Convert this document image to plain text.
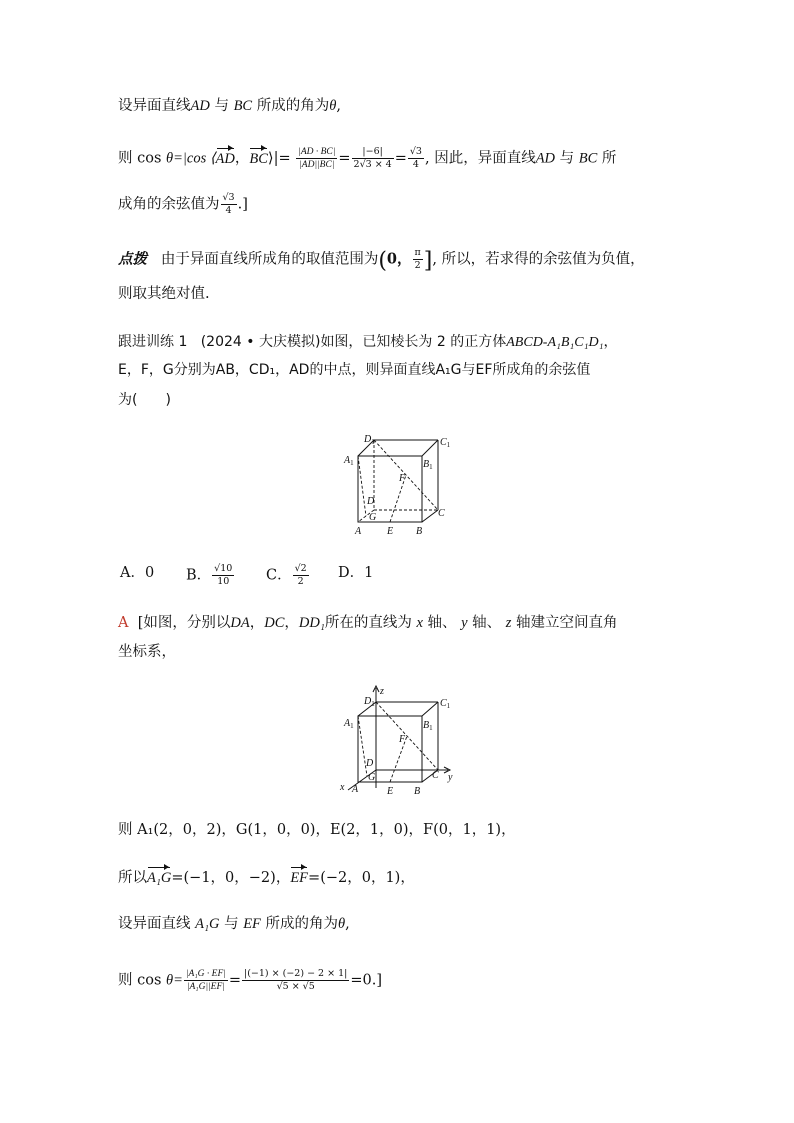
设异面直线AD 与 BC 所成的角为θ,
则 cos θ=|cos ⟨AD，BC⟩|= $\frac{|AD \cdot BC|}{|AD||BC|} = \frac{|-6|}{2√3 \times 4} = \frac{√3}{4}$ , 因此，异面直线AD 与 BC 所
成角的余弦值为 $\frac{√3}{4}$ .]
点拨 由于异面直线所成角的取值范围为(0， $\frac{\pi}{2}$ ], 所以，若求得的余弦值为负值，
则取其绝对值.
跟进训练 1 (2024 • 大庆模拟)如图，已知棱长为 2 的正方体ABCD-A₁B₁C₁D₁，
E，F，G分别为AB，CD₁，AD的中点，则异面直线A₁G与EF所成角的余弦值
为(　　)
$D_1$	$C_1$
$A_1$	$B_1$
F
D
G	C
A	E B
A．0 B． $\frac{√10}{10}$ C． $\frac{√2}{2}$ D．1
A [如图，分别以DA，DC，DD₁所在的直线为 x 轴、 y 轴、 z 轴建立空间直角
坐标系，
z
y
x
$D_1$	$C_1$
$A_1$	$B_1$
F
D
G	C
A	E B
则 A₁(2，0，2)，G(1，0，0)，E(2，1，0)，F(0，1，1)，
所以A₁G=(−1，0，−2)，EF=(−2，0，1)，
设异面直线 A₁G 与 EF 所成的角为θ,
则 $\cos \theta= \frac{\text{|A₁G · EF|}}{\text{|A₁G||EF|}} = \frac{|(-1) \times (-2) - 2 \times 1|}{√5 \times √5} =0$.]
